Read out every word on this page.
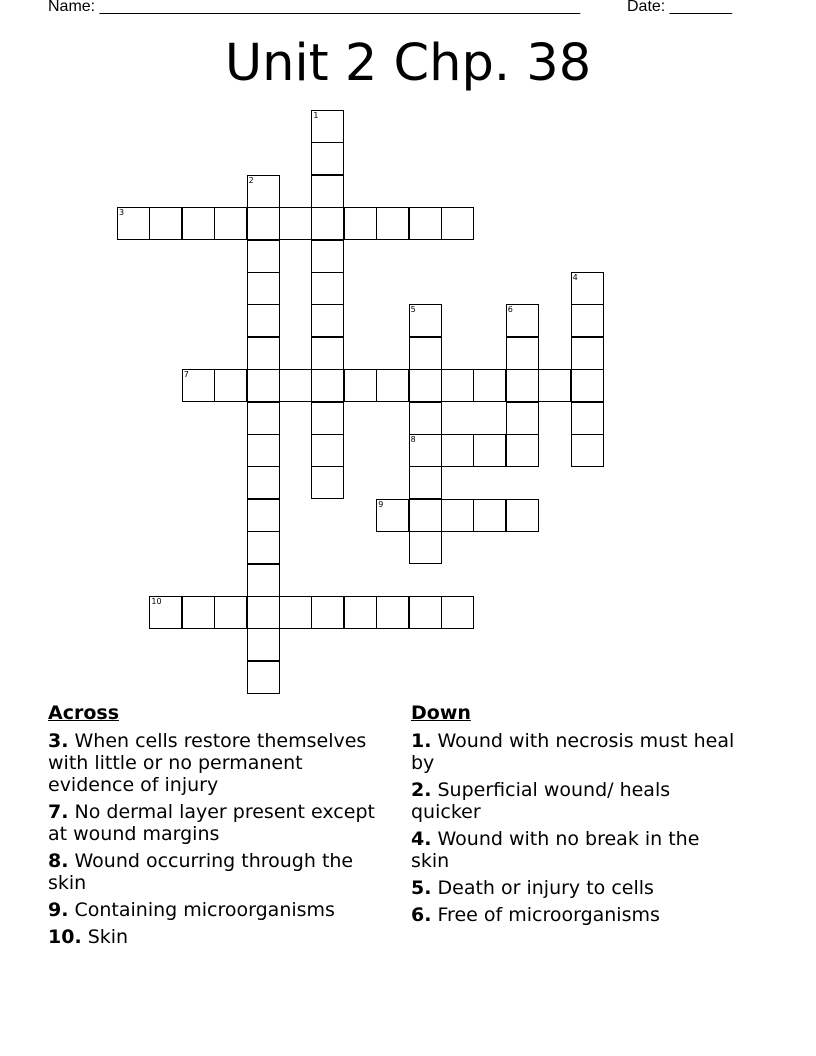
Name: ______________________________________________________	Date: _______
Unit 2 Chp. 38
1
2
3
4
5
8
6
7
9
10
Across
3. When cells restore themselves with little or no permanent evidence of injury
7. No dermal layer present except at wound margins
8. Wound occurring through the skin
9. Containing microorganisms
10. Skin
Down
1. Wound with necrosis must heal by
2. Superficial wound/ heals quicker
4. Wound with no break in the skin
5. Death or injury to cells
6. Free of microorganisms
